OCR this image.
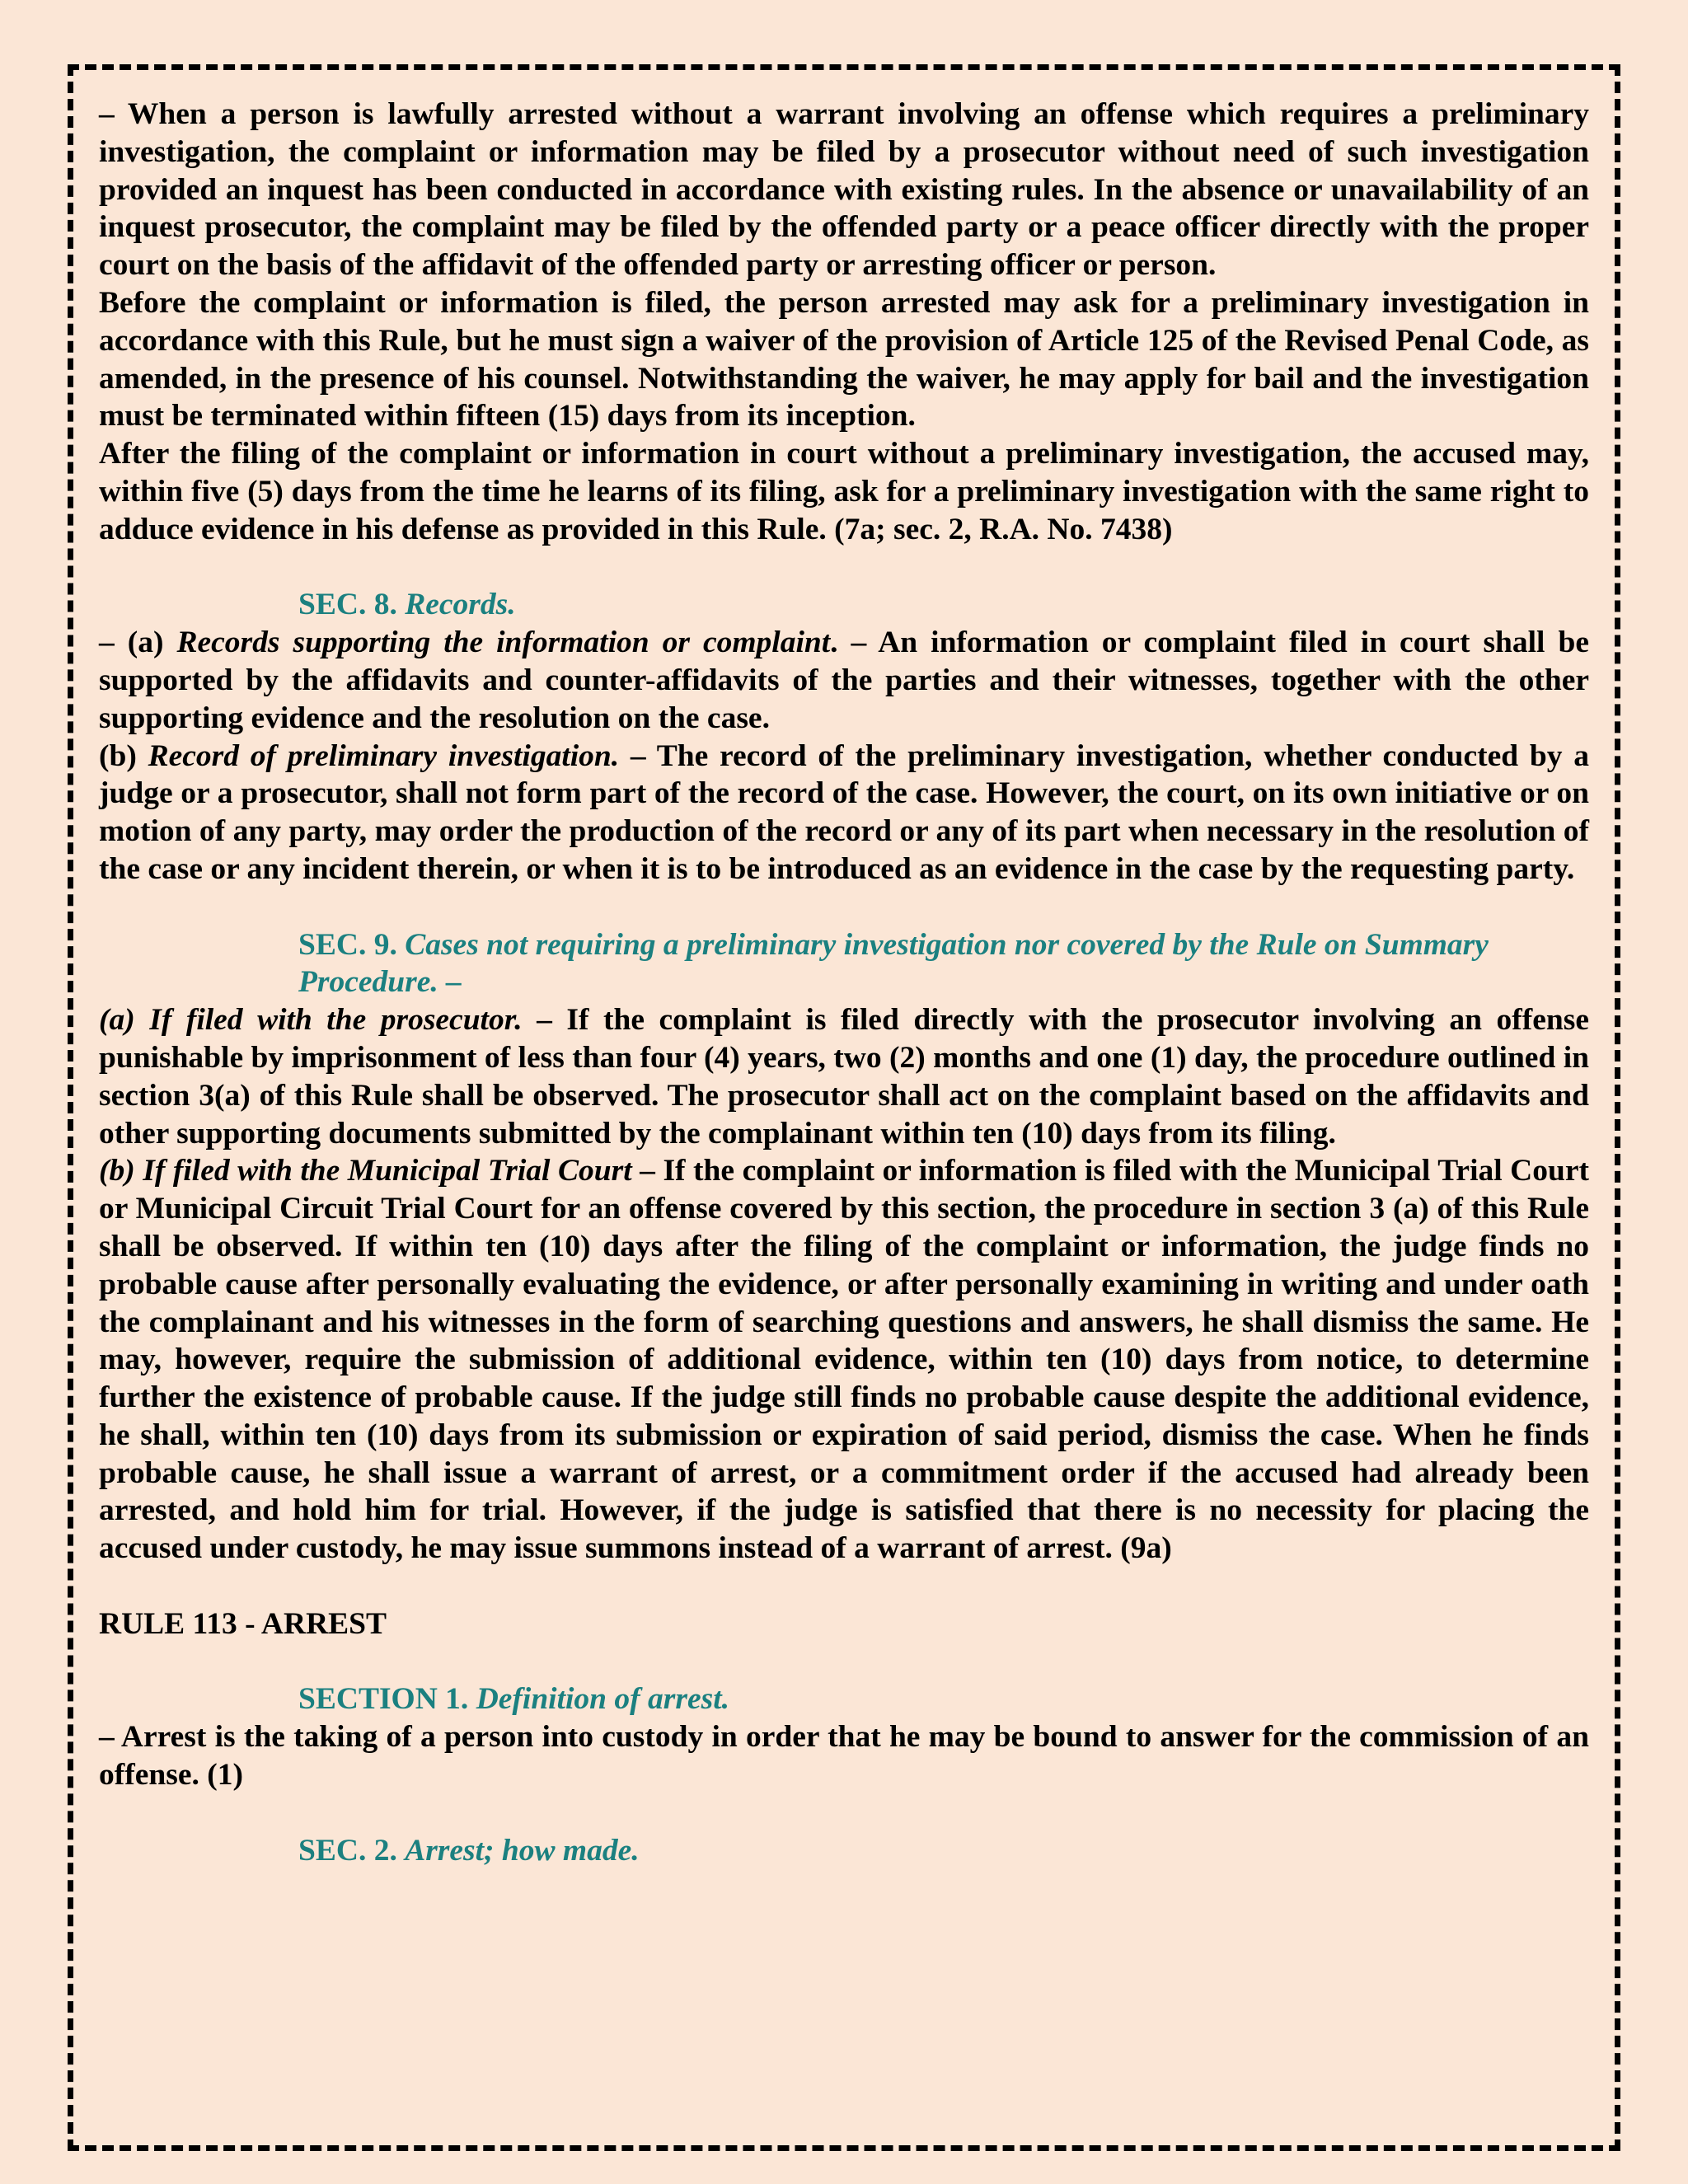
– When a person is lawfully arrested without a warrant involving an offense which requires a preliminary investigation, the complaint or information may be filed by a prosecutor without need of such investigation provided an inquest has been conducted in accordance with existing rules. In the absence or unavailability of an inquest prosecutor, the complaint may be filed by the offended party or a peace officer directly with the proper court on the basis of the affidavit of the offended party or arresting officer or person.

Before the complaint or information is filed, the person arrested may ask for a preliminary investigation in accordance with this Rule, but he must sign a waiver of the provision of Article 125 of the Revised Penal Code, as amended, in the presence of his counsel. Notwithstanding the waiver, he may apply for bail and the investigation must be terminated within fifteen (15) days from its inception.

After the filing of the complaint or information in court without a preliminary investigation, the accused may, within five (5) days from the time he learns of its filing, ask for a preliminary investigation with the same right to adduce evidence in his defense as provided in this Rule. (7a; sec. 2, R.A. No. 7438)

SEC. 8. Records.

– (a) Records supporting the information or complaint. – An information or complaint filed in court shall be supported by the affidavits and counter-affidavits of the parties and their witnesses, together with the other supporting evidence and the resolution on the case.

(b) Record of preliminary investigation. – The record of the preliminary investigation, whether conducted by a judge or a prosecutor, shall not form part of the record of the case. However, the court, on its own initiative or on motion of any party, may order the production of the record or any of its part when necessary in the resolution of the case or any incident therein, or when it is to be introduced as an evidence in the case by the requesting party.

SEC. 9. Cases not requiring a preliminary investigation nor covered by the Rule on Summary Procedure. –

(a) If filed with the prosecutor. – If the complaint is filed directly with the prosecutor involving an offense punishable by imprisonment of less than four (4) years, two (2) months and one (1) day, the procedure outlined in section 3(a) of this Rule shall be observed. The prosecutor shall act on the complaint based on the affidavits and other supporting documents submitted by the complainant within ten (10) days from its filing.

(b) If filed with the Municipal Trial Court – If the complaint or information is filed with the Municipal Trial Court or Municipal Circuit Trial Court for an offense covered by this section, the procedure in section 3 (a) of this Rule shall be observed. If within ten (10) days after the filing of the complaint or information, the judge finds no probable cause after personally evaluating the evidence, or after personally examining in writing and under oath the complainant and his witnesses in the form of searching questions and answers, he shall dismiss the same. He may, however, require the submission of additional evidence, within ten (10) days from notice, to determine further the existence of probable cause. If the judge still finds no probable cause despite the additional evidence, he shall, within ten (10) days from its submission or expiration of said period, dismiss the case. When he finds probable cause, he shall issue a warrant of arrest, or a commitment order if the accused had already been arrested, and hold him for trial. However, if the judge is satisfied that there is no necessity for placing the accused under custody, he may issue summons instead of a warrant of arrest. (9a)

RULE 113 - ARREST

SECTION 1. Definition of arrest.

– Arrest is the taking of a person into custody in order that he may be bound to answer for the commission of an offense. (1)

SEC. 2. Arrest; how made.
